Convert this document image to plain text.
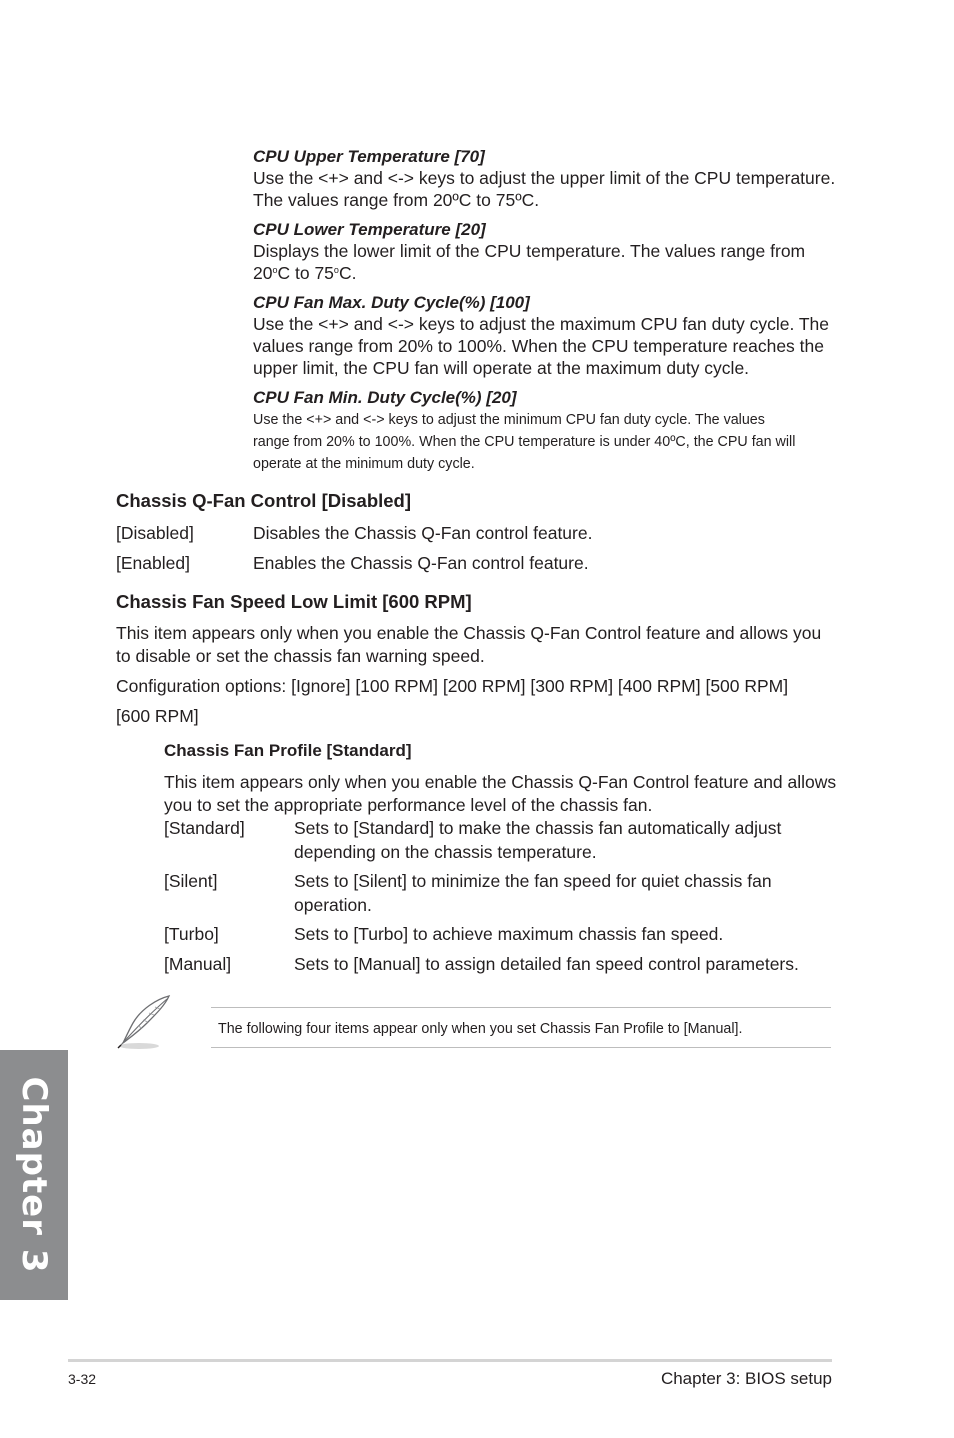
CPU Upper Temperature [70]
Use the <+> and <-> keys to adjust the upper limit of the CPU temperature.
The values range from 20ºC to 75ºC.
CPU Lower Temperature [20]
Displays the lower limit of the CPU temperature. The values range from
20$^o$C to 75$^o$C.
CPU Fan Max. Duty Cycle(%) [100]
Use the <+> and <-> keys to adjust the maximum CPU fan duty cycle. The
values range from 20% to 100%. When the CPU temperature reaches the
upper limit, the CPU fan will operate at the maximum duty cycle.
CPU Fan Min. Duty Cycle(%) [20]
Use the <+> and <-> keys to adjust the minimum CPU fan duty cycle. The values
range from 20% to 100%. When the CPU temperature is under 40ºC, the CPU fan will
operate at the minimum duty cycle.
Chassis Q-Fan Control [Disabled]
[Disabled]	Disables the Chassis Q-Fan control feature.
[Enabled]	Enables the Chassis Q-Fan control feature.
Chassis Fan Speed Low Limit [600 RPM]
This item appears only when you enable the Chassis Q-Fan Control feature and allows you
to disable or set the chassis fan warning speed.
Configuration options: [Ignore] [100 RPM] [200 RPM] [300 RPM] [400 RPM] [500 RPM]
[600 RPM]
Chassis Fan Profile [Standard]
This item appears only when you enable the Chassis Q-Fan Control feature and allows
you to set the appropriate performance level of the chassis fan.
[Standard]	Sets to [Standard] to make the chassis fan automatically adjust
depending on the chassis temperature.
[Silent]	Sets to [Silent] to minimize the fan speed for quiet chassis fan
operation.
[Turbo]	Sets to [Turbo] to achieve maximum chassis fan speed.
[Manual]	Sets to [Manual] to assign detailed fan speed control parameters.
The following four items appear only when you set Chassis Fan Profile to [Manual].
Chapter 3
3-32	Chapter 3: BIOS setup
